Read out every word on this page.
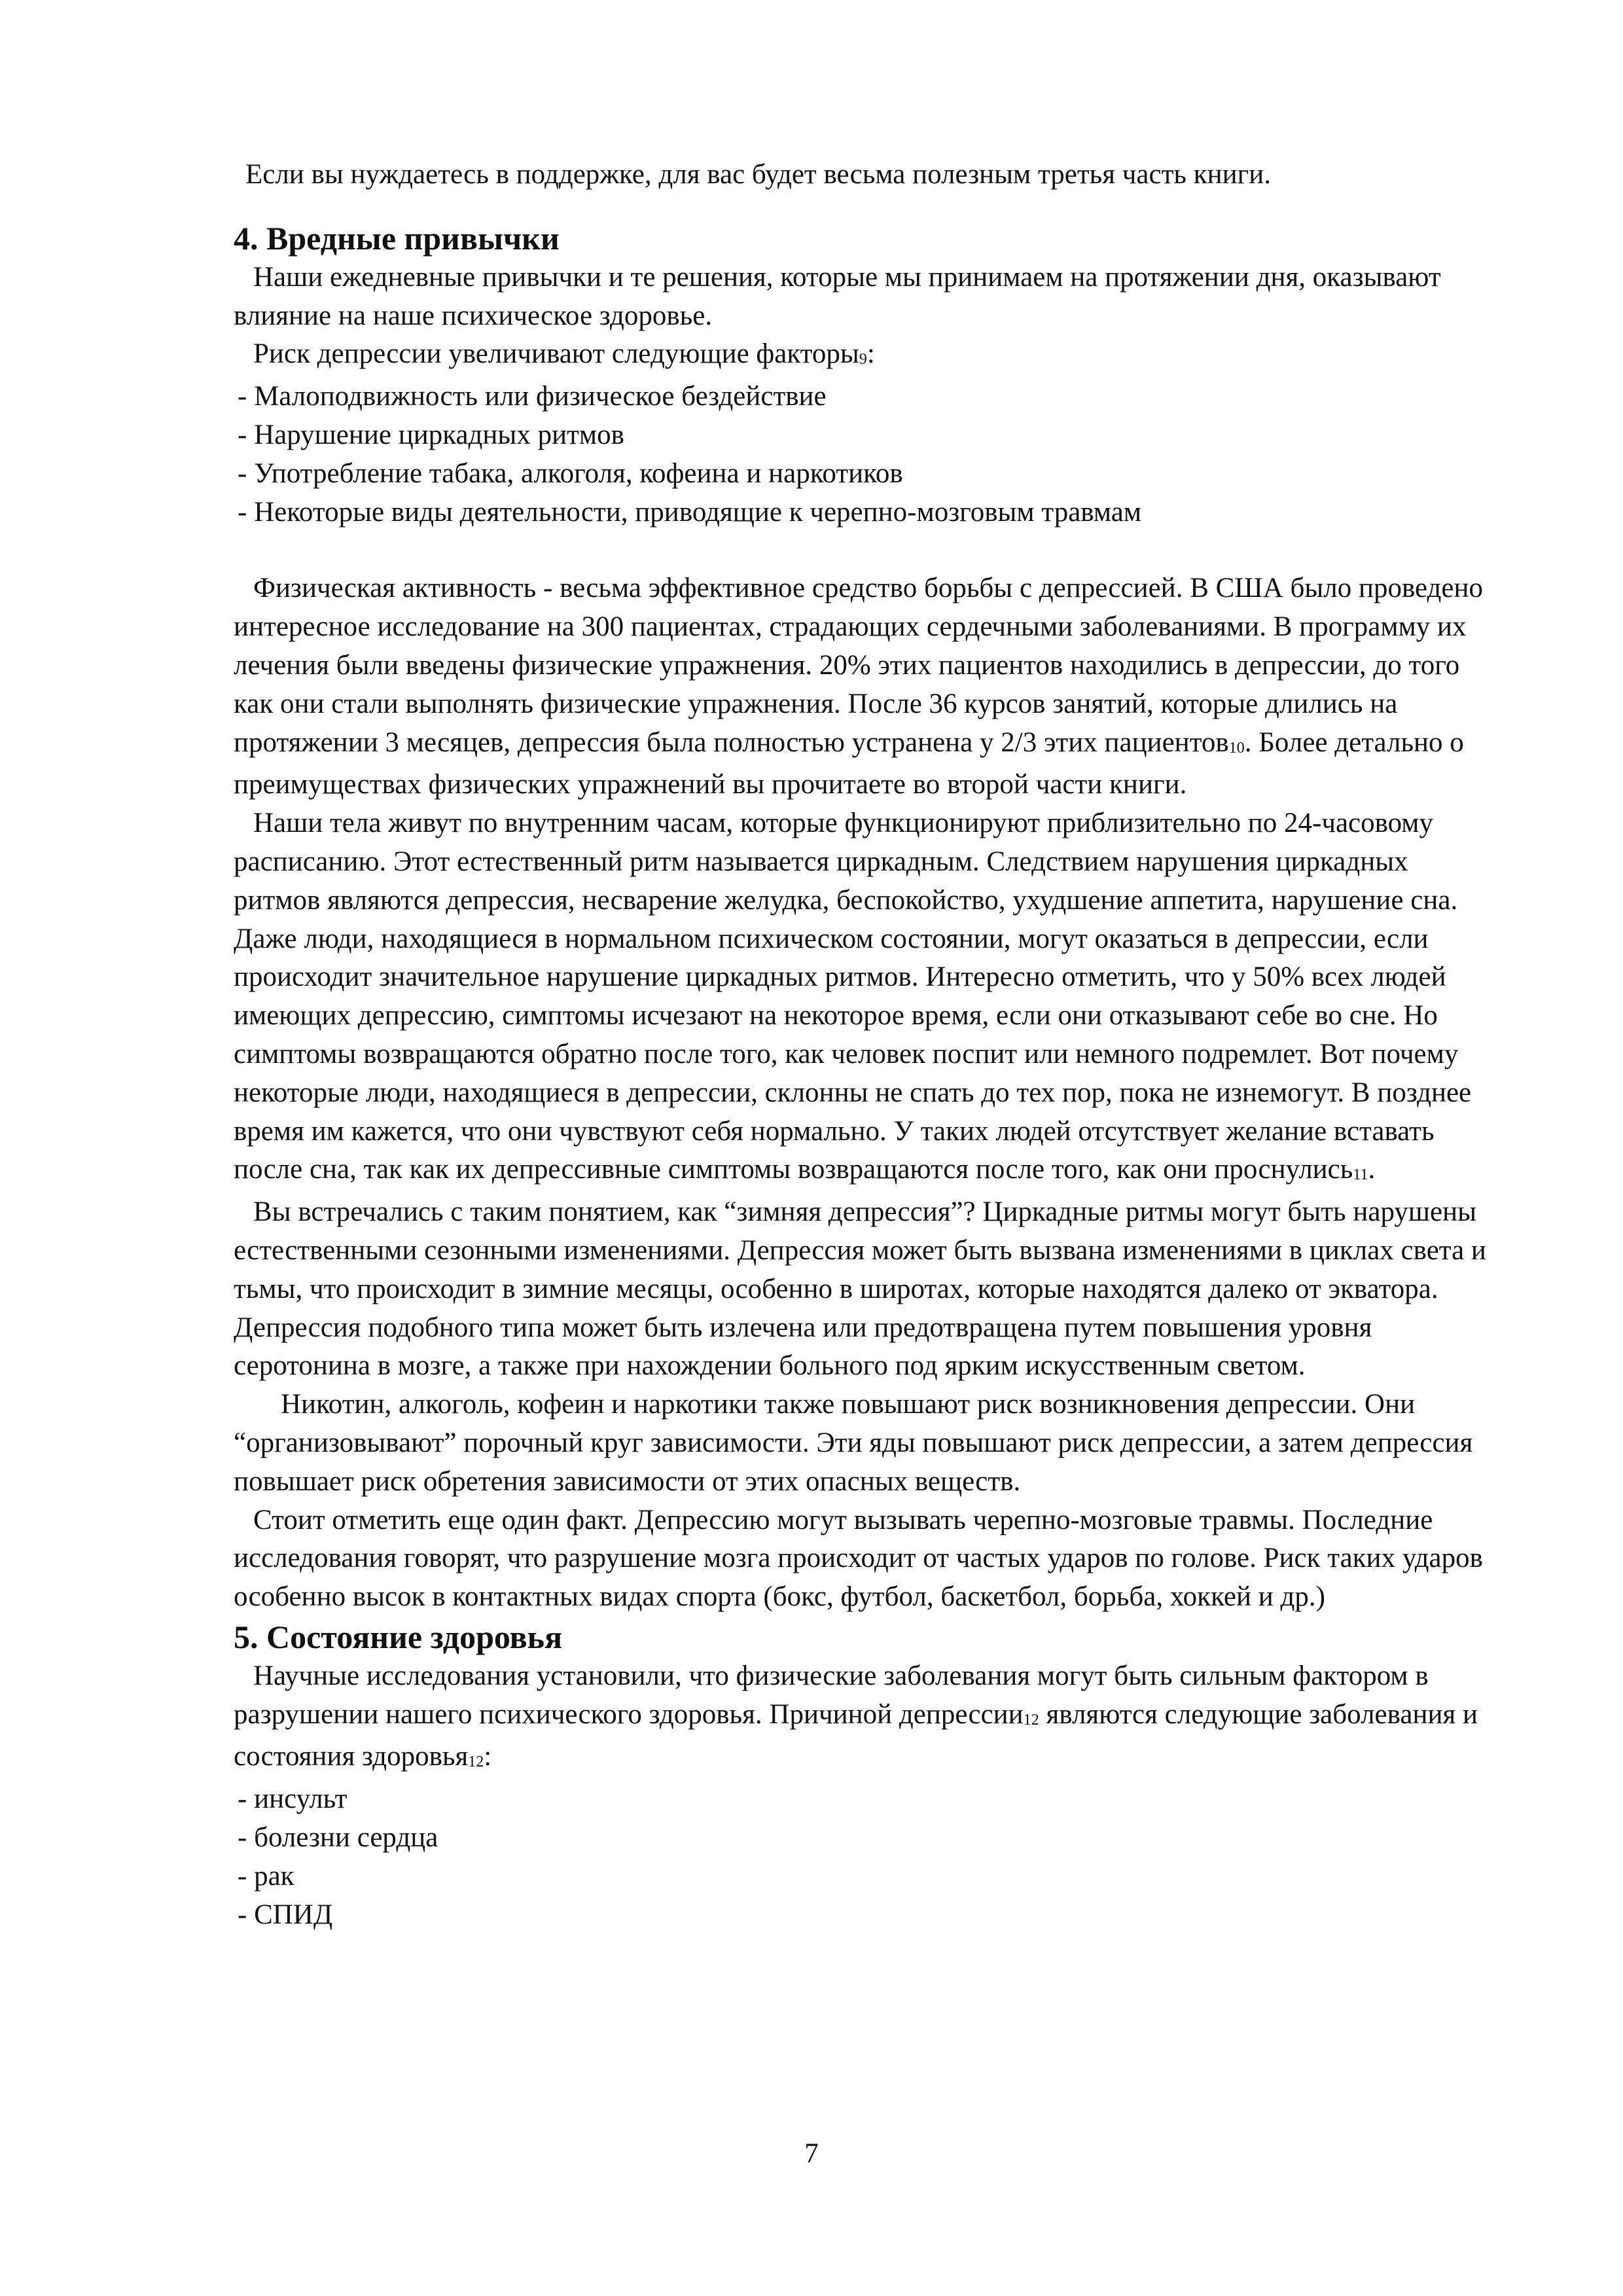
Если вы нуждаетесь в поддержке, для вас будет весьма полезным третья часть книги.

4. Вредные привычки

Наши ежедневные привычки и те решения, которые мы принимаем на протяжении дня, оказывают влияние на наше психическое здоровье.

Риск депрессии увеличивают следующие факторы$_9$:

- Малоподвижность или физическое бездействие
- Нарушение циркадных ритмов
- Употребление табака, алкоголя, кофеина и наркотиков
- Некоторые виды деятельности, приводящие к черепно-мозговым травмам

Физическая активность - весьма эффективное средство борьбы с депрессией. В США было проведено интересное исследование на 300 пациентах, страдающих сердечными заболеваниями. В программу их лечения были введены физические упражнения. 20% этих пациентов находились в депрессии, до того как они стали выполнять физические упражнения. После 36 курсов занятий, которые длились на протяжении 3 месяцев, депрессия была полностью устранена у 2/3 этих пациентов$_{10}$. Более детально о преимуществах физических упражнений вы прочитаете во второй части книги.

Наши тела живут по внутренним часам, которые функционируют приблизительно по 24-часовому расписанию. Этот естественный ритм называется циркадным. Следствием нарушения циркадных ритмов являются депрессия, несварение желудка, беспокойство, ухудшение аппетита, нарушение сна. Даже люди, находящиеся в нормальном психическом состоянии, могут оказаться в депрессии, если происходит значительное нарушение циркадных ритмов. Интересно отметить, что у 50% всех людей имеющих депрессию, симптомы исчезают на некоторое время, если они отказывают себе во сне. Но симптомы возвращаются обратно после того, как человек поспит или немного подремлет. Вот почему некоторые люди, находящиеся в депрессии, склонны не спать до тех пор, пока не изнемогут. В позднее время им кажется, что они чувствуют себя нормально. У таких людей отсутствует желание вставать после сна, так как их депрессивные симптомы возвращаются после того, как они проснулись$_{11}$.

Вы встречались с таким понятием, как “зимняя депрессия”? Циркадные ритмы могут быть нарушены естественными сезонными изменениями. Депрессия может быть вызвана изменениями в циклах света и тьмы, что происходит в зимние месяцы, особенно в широтах, которые находятся далеко от экватора. Депрессия подобного типа может быть излечена или предотвращена путем повышения уровня серотонина в мозге, а также при нахождении больного под ярким искусственным светом.

Никотин, алкоголь, кофеин и наркотики также повышают риск возникновения депрессии. Они “организовывают” порочный круг зависимости. Эти яды повышают риск депрессии, а затем депрессия повышает риск обретения зависимости от этих опасных веществ.

Стоит отметить еще один факт. Депрессию могут вызывать черепно-мозговые травмы. Последние исследования говорят, что разрушение мозга происходит от частых ударов по голове. Риск таких ударов особенно высок в контактных видах спорта (бокс, футбол, баскетбол, борьба, хоккей и др.)

5. Состояние здоровья

Научные исследования установили, что физические заболевания могут быть сильным фактором в разрушении нашего психического здоровья. Причиной депрессии$_{12}$ являются следующие заболевания и состояния здоровья$_{12}$:

- инсульт
- болезни сердца
- рак
- СПИД
7
